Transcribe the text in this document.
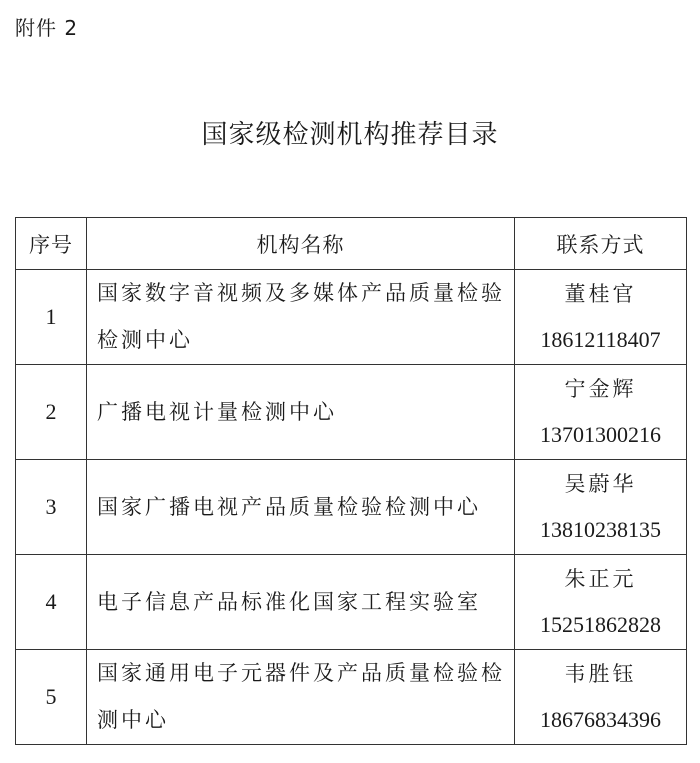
附件 2
国家级检测机构推荐目录
序号	机构名称	联系方式
1	国家数字音视频及多媒体产品质量检验检测中心	董桂官
18612118407

2	广播电视计量检测中心	宁金辉
13701300216

3	国家广播电视产品质量检验检测中心	吴蔚华
13810238135

4	电子信息产品标准化国家工程实验室	朱正元
15251862828

5	国家通用电子元器件及产品质量检验检测中心	韦胜钰
18676834396
